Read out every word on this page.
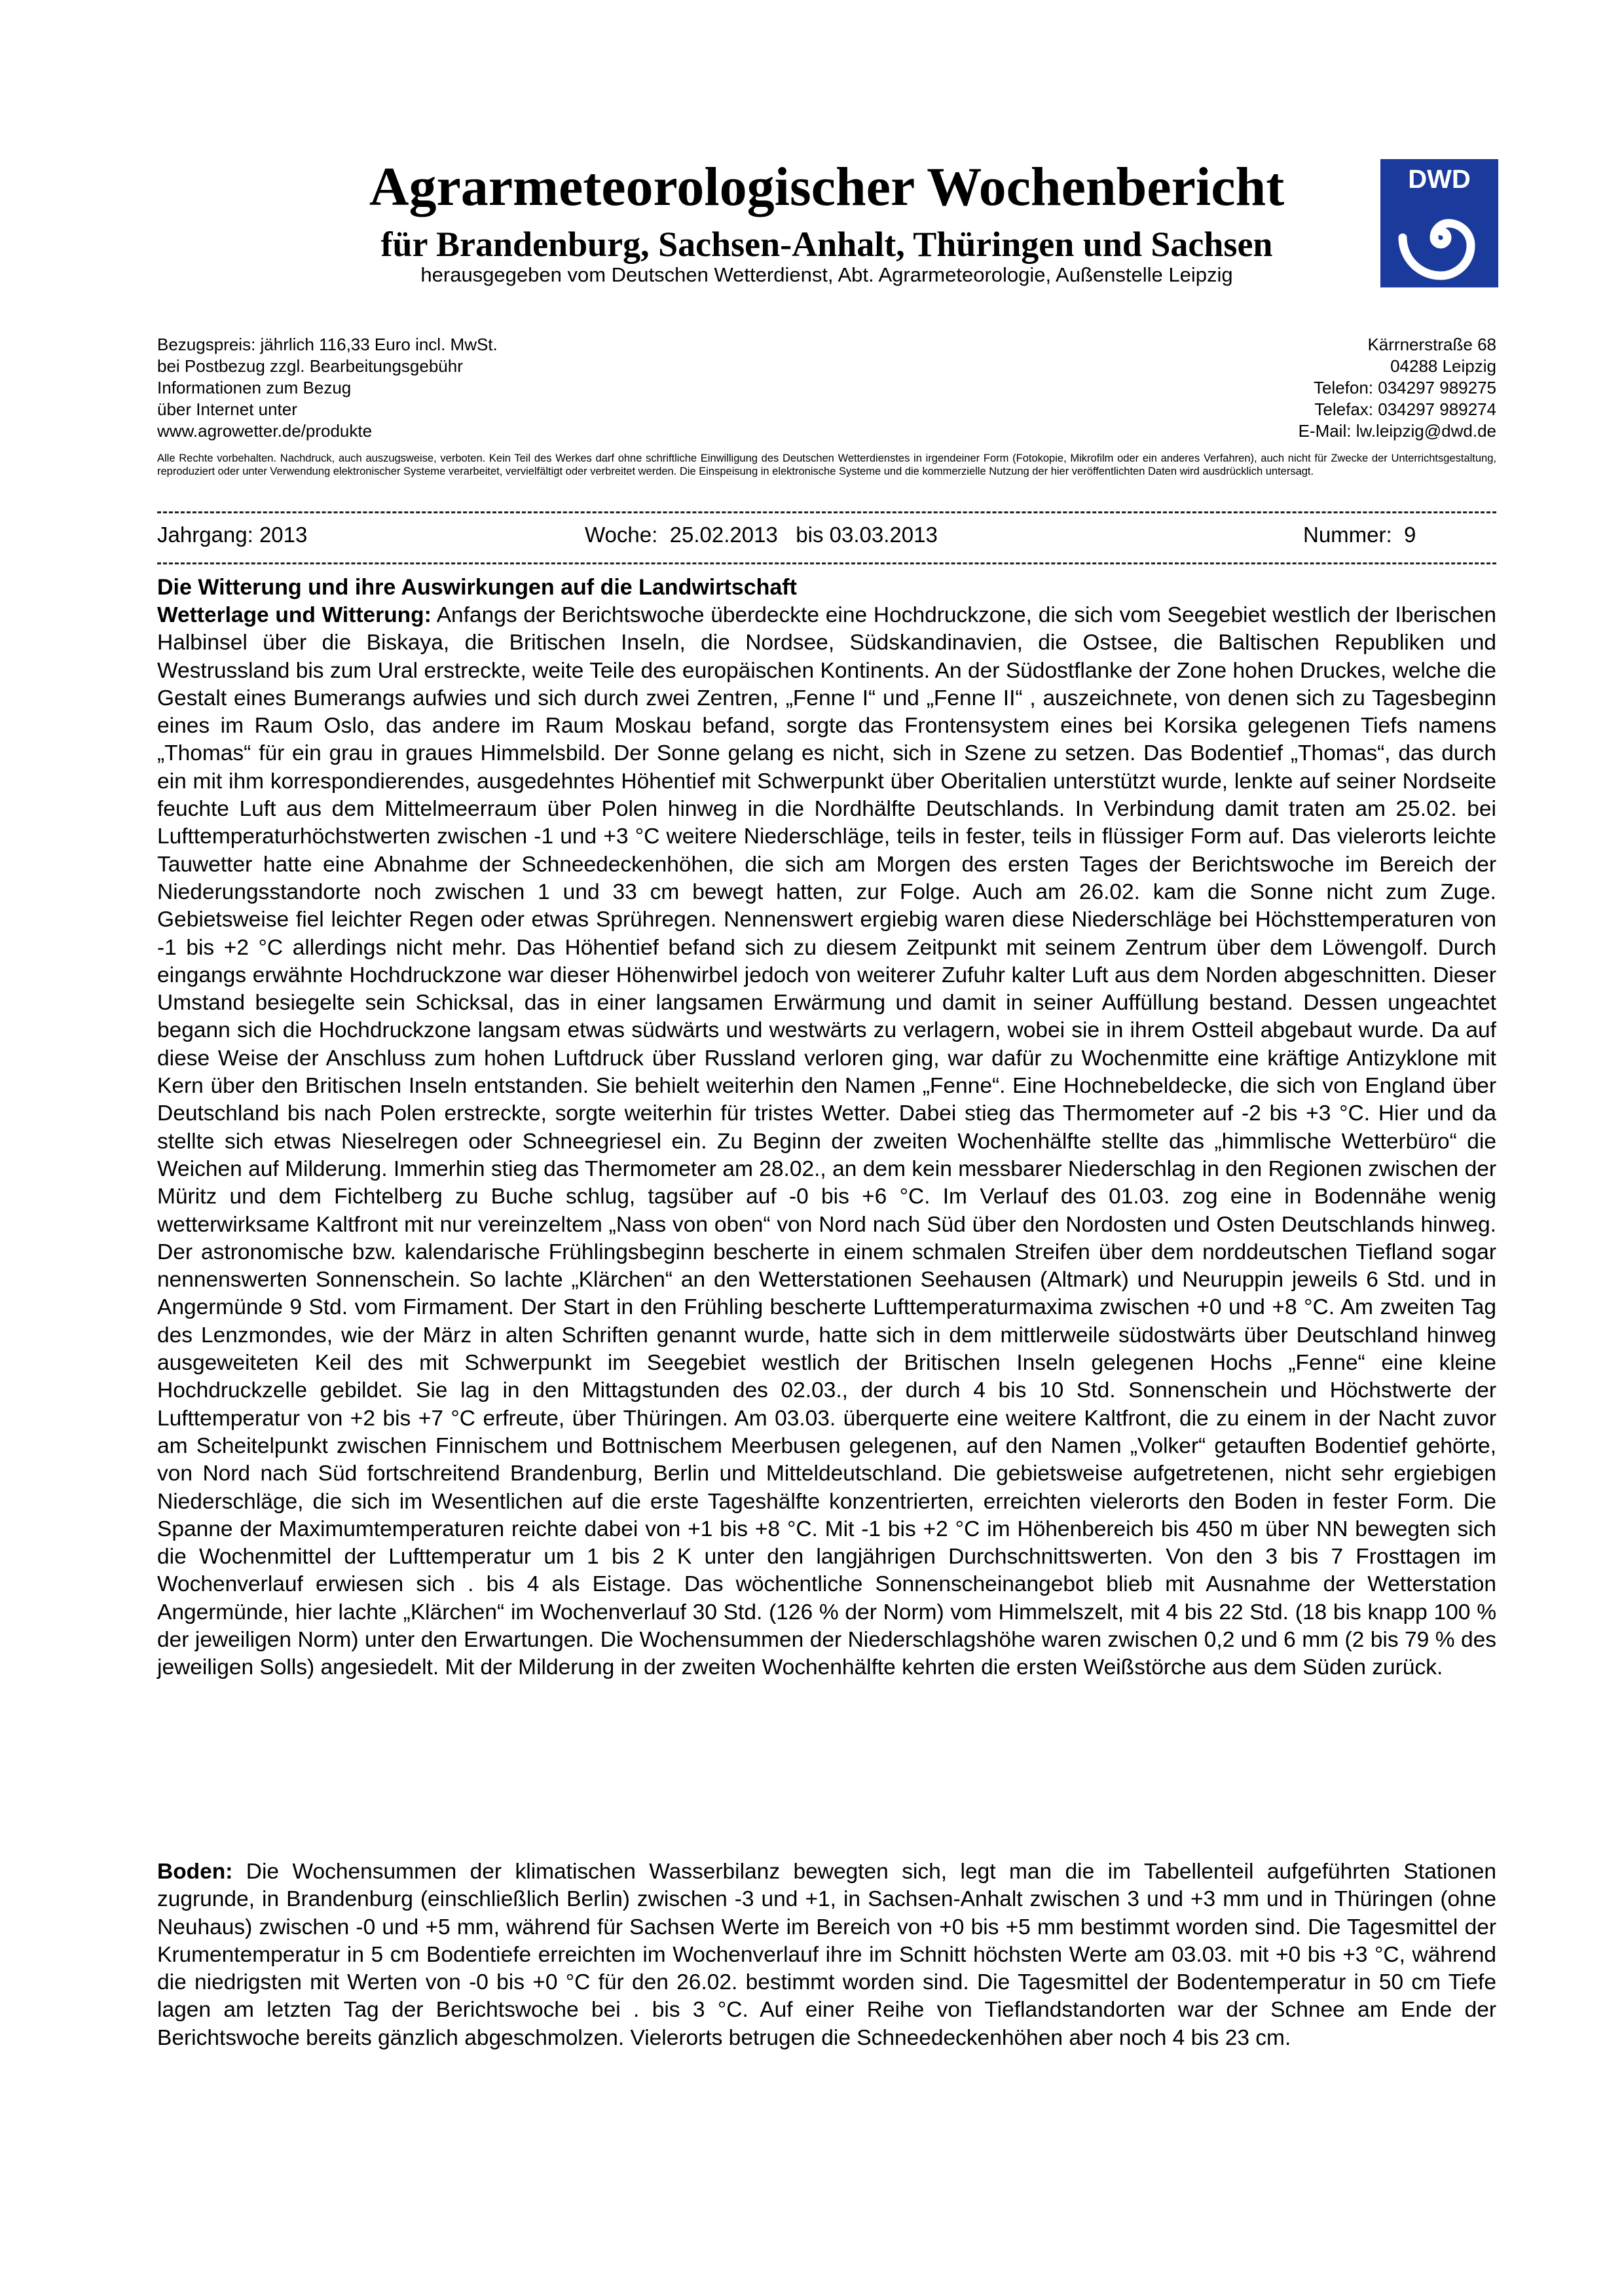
Agrarmeteorologischer Wochenbericht
für Brandenburg, Sachsen-Anhalt, Thüringen und Sachsen
herausgegeben vom Deutschen Wetterdienst, Abt. Agrarmeteorologie, Außenstelle Leipzig
DWD
Bezugspreis: jährlich 116,33 Euro incl. MwSt.
bei Postbezug zzgl. Bearbeitungsgebühr
Informationen zum Bezug
über Internet unter
www.agrowetter.de/produkte
Kärrnerstraße 68
04288 Leipzig
Telefon: 034297 989275
Telefax: 034297 989274
E-Mail: lw.leipzig@dwd.de
Alle Rechte vorbehalten. Nachdruck, auch auszugsweise, verboten. Kein Teil des Werkes darf ohne schriftliche Einwilligung des Deutschen Wetterdienstes in irgendeiner Form (Fotokopie, Mikrofilm oder ein anderes Verfahren), auch nicht für Zwecke der Unterrichtsgestaltung, reproduziert oder unter Verwendung elektronischer Systeme verarbeitet, vervielfältigt oder verbreitet werden. Die Einspeisung in elektronische Systeme und die kommerzielle Nutzung der hier veröffentlichten Daten wird ausdrücklich untersagt.
Jahrgang: 2013	Woche:  25.02.2013   bis 03.03.2013	Nummer:  9
Die Witterung und ihre Auswirkungen auf die Landwirtschaft

Wetterlage und Witterung: Anfangs der Berichtswoche überdeckte eine Hochdruckzone, die sich vom Seegebiet westlich der Iberischen Halbinsel über die Biskaya, die Britischen Inseln, die Nordsee, Südskandinavien, die Ostsee, die Baltischen Republiken und Westrussland bis zum Ural erstreckte, weite Teile des europäischen Kontinents. An der Südostflanke der Zone hohen Druckes, welche die Gestalt eines Bumerangs aufwies und sich durch zwei Zentren, „Fenne I“ und „Fenne II“ , auszeichnete, von denen sich zu Tagesbeginn eines im Raum Oslo, das andere im Raum Moskau befand, sorgte das Frontensystem eines bei Korsika gelegenen Tiefs namens „Thomas“ für ein grau in graues Himmelsbild. Der Sonne gelang es nicht, sich in Szene zu setzen. Das Bodentief „Thomas“, das durch ein mit ihm korrespondierendes, ausgedehntes Höhentief mit Schwerpunkt über Oberitalien unterstützt wurde, lenkte auf seiner Nordseite feuchte Luft aus dem Mittelmeerraum über Polen hinweg in die Nordhälfte Deutschlands. In Verbindung damit traten am 25.02. bei Lufttemperaturhöchstwerten zwischen -1 und +3 °C weitere Niederschläge, teils in fester, teils in flüssiger Form auf. Das vielerorts leichte Tauwetter hatte eine Abnahme der Schneedeckenhöhen, die sich am Morgen des ersten Tages der Berichtswoche im Bereich der Niederungsstandorte noch zwischen 1 und 33 cm bewegt hatten, zur Folge. Auch am 26.02. kam die Sonne nicht zum Zuge. Gebietsweise fiel leichter Regen oder etwas Sprühregen. Nennenswert ergiebig waren diese Niederschläge bei Höchsttemperaturen von -1 bis +2 °C allerdings nicht mehr. Das Höhentief befand sich zu diesem Zeitpunkt mit seinem Zentrum über dem Löwengolf. Durch eingangs erwähnte Hochdruckzone war dieser Höhenwirbel jedoch von weiterer Zufuhr kalter Luft aus dem Norden abgeschnitten. Dieser Umstand besiegelte sein Schicksal, das in einer langsamen Erwärmung und damit in seiner Auffüllung bestand. Dessen ungeachtet begann sich die Hochdruckzone langsam etwas südwärts und westwärts zu verlagern, wobei sie in ihrem Ostteil abgebaut wurde. Da auf diese Weise der Anschluss zum hohen Luftdruck über Russland verloren ging, war dafür zu Wochenmitte eine kräftige Antizyklone mit Kern über den Britischen Inseln entstanden. Sie behielt weiterhin den Namen „Fenne“. Eine Hochnebeldecke, die sich von England über Deutschland bis nach Polen erstreckte, sorgte weiterhin für tristes Wetter. Dabei stieg das Thermometer auf -2 bis +3 °C. Hier und da stellte sich etwas Nieselregen oder Schneegriesel ein. Zu Beginn der zweiten Wochenhälfte stellte das „himmlische Wetterbüro“ die Weichen auf Milderung. Immerhin stieg das Thermometer am 28.02., an dem kein messbarer Niederschlag in den Regionen zwischen der Müritz und dem Fichtelberg zu Buche schlug, tagsüber auf -0 bis +6 °C. Im Verlauf des 01.03. zog eine in Bodennähe wenig wetterwirksame Kaltfront mit nur vereinzeltem „Nass von oben“ von Nord nach Süd über den Nordosten und Osten Deutschlands hinweg. Der astronomische bzw. kalendarische Frühlingsbeginn bescherte in einem schmalen Streifen über dem norddeutschen Tiefland sogar nennenswerten Sonnenschein. So lachte „Klärchen“ an den Wetterstationen Seehausen (Altmark) und Neuruppin jeweils 6 Std. und in Angermünde 9 Std. vom Firmament. Der Start in den Frühling bescherte Lufttemperaturmaxima zwischen +0 und +8 °C. Am zweiten Tag des Lenzmondes, wie der März in alten Schriften genannt wurde, hatte sich in dem mittlerweile südostwärts über Deutschland hinweg ausgeweiteten Keil des mit Schwerpunkt im Seegebiet westlich der Britischen Inseln gelegenen Hochs „Fenne“ eine kleine Hochdruckzelle gebildet. Sie lag in den Mittagstunden des 02.03., der durch 4 bis 10 Std. Sonnenschein und Höchstwerte der Lufttemperatur von +2 bis +7 °C erfreute, über Thüringen. Am 03.03. überquerte eine weitere Kaltfront, die zu einem in der Nacht zuvor am Scheitelpunkt zwischen Finnischem und Bottnischem Meerbusen gelegenen, auf den Namen „Volker“ getauften Bodentief gehörte, von Nord nach Süd fortschreitend Brandenburg, Berlin und Mitteldeutschland. Die gebietsweise aufgetretenen, nicht sehr ergiebigen Niederschläge, die sich im Wesentlichen auf die erste Tageshälfte konzentrierten, erreichten vielerorts den Boden in fester Form. Die Spanne der Maximumtemperaturen reichte dabei von +1 bis +8 °C. Mit -1 bis +2 °C im Höhenbereich bis 450 m über NN bewegten sich die Wochenmittel der Lufttemperatur um 1 bis 2 K unter den langjährigen Durchschnittswerten. Von den 3 bis 7 Frosttagen im Wochenverlauf erwiesen sich . bis 4 als Eistage. Das wöchentliche Sonnenscheinangebot blieb mit Ausnahme der Wetterstation Angermünde, hier lachte „Klärchen“ im Wochenverlauf 30 Std. (126 % der Norm) vom Himmelszelt, mit 4 bis 22 Std. (18 bis knapp 100 % der jeweiligen Norm) unter den Erwartungen. Die Wochensummen der Niederschlagshöhe waren zwischen 0,2 und 6 mm (2 bis 79 % des jeweiligen Solls) angesiedelt. Mit der Milderung in der zweiten Wochenhälfte kehrten die ersten Weißstörche aus dem Süden zurück.

Boden: Die Wochensummen der klimatischen Wasserbilanz bewegten sich, legt man die im Tabellenteil aufgeführten Stationen zugrunde, in Brandenburg (einschließlich Berlin) zwischen -3 und +1, in Sachsen-Anhalt zwischen 3 und +3 mm und in Thüringen (ohne Neuhaus) zwischen -0 und +5 mm, während für Sachsen Werte im Bereich von +0 bis +5 mm bestimmt worden sind. Die Tagesmittel der Krumentemperatur in 5 cm Bodentiefe erreichten im Wochenverlauf ihre im Schnitt höchsten Werte am 03.03. mit +0 bis +3 °C, während die niedrigsten mit Werten von -0 bis +0 °C für den 26.02. bestimmt worden sind. Die Tagesmittel der Bodentemperatur in 50 cm Tiefe lagen am letzten Tag der Berichtswoche bei . bis 3 °C. Auf einer Reihe von Tieflandstandorten war der Schnee am Ende der Berichtswoche bereits gänzlich abgeschmolzen. Vielerorts betrugen die Schneedeckenhöhen aber noch 4 bis 23 cm.
